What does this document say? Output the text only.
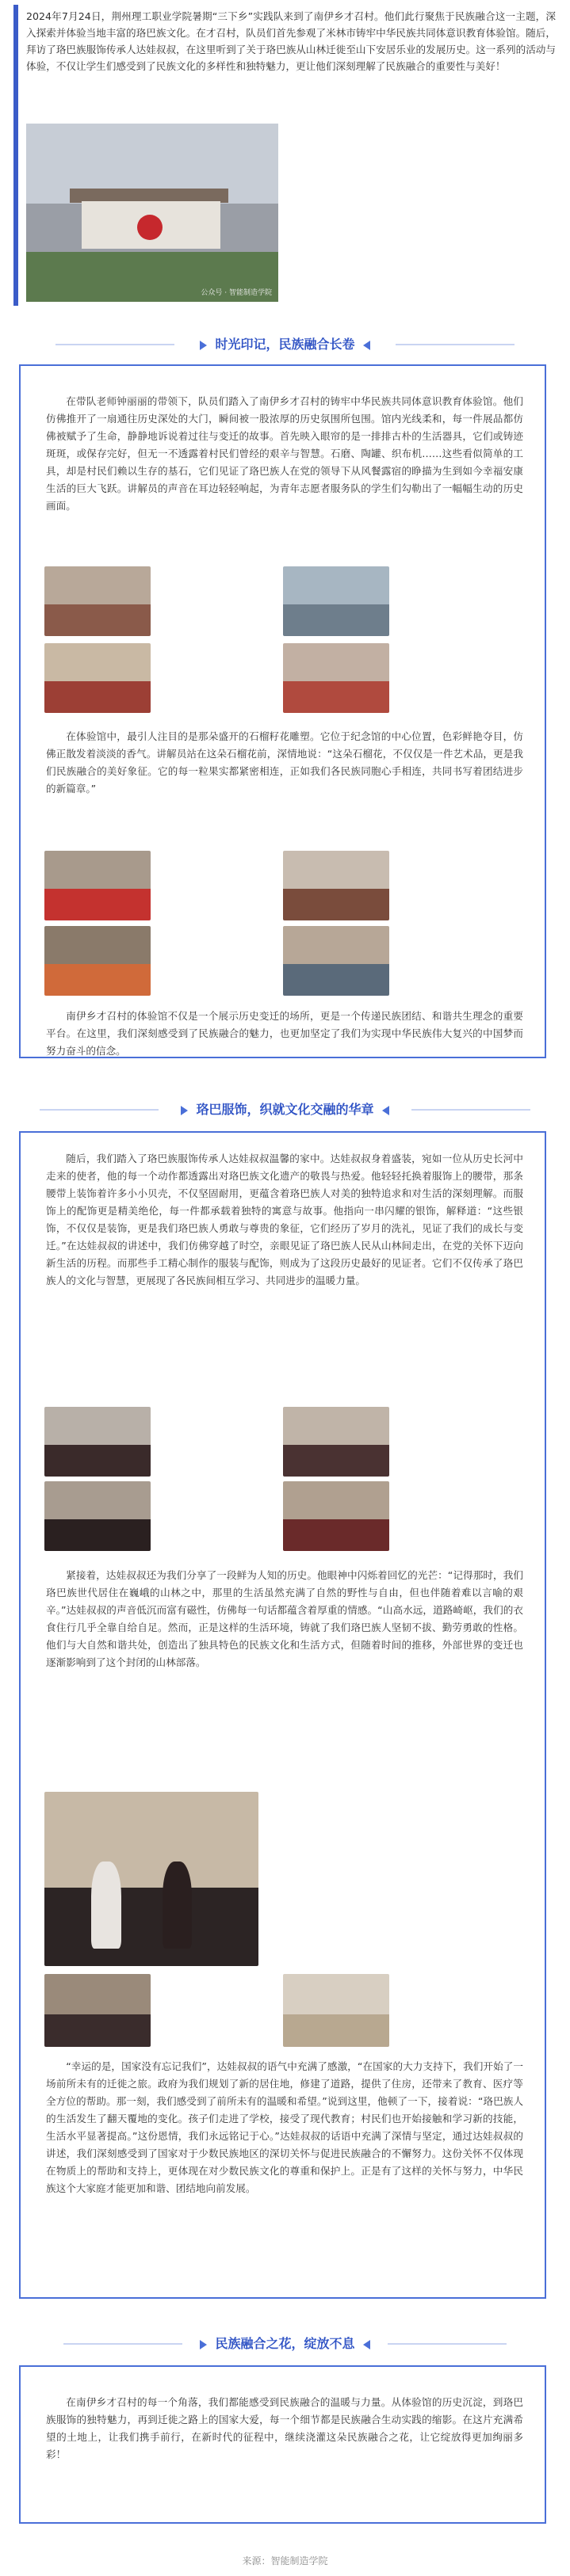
2024年7月24日，荆州理工职业学院暑期“三下乡”实践队来到了南伊乡才召村。他们此行聚焦于民族融合这一主题，深入探索并体验当地丰富的珞巴族文化。在才召村，队员们首先参观了米林市铸牢中华民族共同体意识教育体验馆。随后，拜访了珞巴族服饰传承人达娃叔叔，在这里听到了关于珞巴族从山林迁徙至山下安居乐业的发展历史。这一系列的活动与体验，不仅让学生们感受到了民族文化的多样性和独特魅力，更让他们深刻理解了民族融合的重要性与美好！

公众号 · 智能制造学院
时光印记，民族融合长卷

在带队老师钟丽丽的带领下，队员们踏入了南伊乡才召村的铸牢中华民族共同体意识教育体验馆。他们仿佛推开了一扇通往历史深处的大门，瞬间被一股浓厚的历史氛围所包围。馆内光线柔和，每一件展品都仿佛被赋予了生命，静静地诉说着过往与变迁的故事。首先映入眼帘的是一排排古朴的生活器具，它们或铸迹斑斑，或保存完好，但无一不透露着村民们曾经的艰辛与智慧。石磨、陶罐、织布机……这些看似简单的工具，却是村民们赖以生存的基石，它们见证了珞巴族人在党的领导下从风餐露宿的睁描为生到如今幸福安康生活的巨大飞跃。讲解员的声音在耳边轻轻响起，为青年志愿者服务队的学生们勾勒出了一幅幅生动的历史画面。

在体验馆中，最引人注目的是那朵盛开的石榴籽花雕塑。它位于纪念馆的中心位置，色彩鲜艳夺目，仿佛正散发着淡淡的香气。讲解员站在这朵石榴花前，深情地说：“这朵石榴花，不仅仅是一件艺术品，更是我们民族融合的美好象征。它的每一粒果实都紧密相连，正如我们各民族同胞心手相连，共同书写着团结进步的新篇章。”

南伊乡才召村的体验馆不仅是一个展示历史变迁的场所，更是一个传递民族团结、和谐共生理念的重要平台。在这里，我们深刻感受到了民族融合的魅力，也更加坚定了我们为实现中华民族伟大复兴的中国梦而努力奋斗的信念。

珞巴服饰，织就文化交融的华章

随后，我们踏入了珞巴族服饰传承人达娃叔叔温馨的家中。达娃叔叔身着盛装，宛如一位从历史长河中走来的使者，他的每一个动作都透露出对珞巴族文化遗产的敬畏与热爱。他轻轻托换着服饰上的腰带，那条腰带上装饰着许多小小贝壳，不仅坚固耐用，更蕴含着珞巴族人对美的独特追求和对生活的深刻理解。而服饰上的配饰更是精美绝伦，每一件都承载着独特的寓意与故事。他指向一串闪耀的银饰，解释道：“这些银饰，不仅仅是装饰，更是我们珞巴族人勇敢与尊贵的象征，它们经历了岁月的洗礼，见证了我们的成长与变迁。”在达娃叔叔的讲述中，我们仿佛穿越了时空，亲眼见证了珞巴族人民从山林间走出，在党的关怀下迈向新生活的历程。而那些手工精心制作的服装与配饰，则成为了这段历史最好的见证者。它们不仅传承了珞巴族人的文化与智慧，更展现了各民族间相互学习、共同进步的温暖力量。

紧接着，达娃叔叔还为我们分享了一段鲜为人知的历史。他眼神中闪烁着回忆的光芒：“记得那时，我们珞巴族世代居住在巍峨的山林之中，那里的生活虽然充满了自然的野性与自由，但也伴随着难以言喻的艰辛。”达娃叔叔的声音低沉而富有磁性，仿佛每一句话都蕴含着厚重的情感。“山高水远，道路崎岖，我们的衣食住行几乎全靠自给自足。然而，正是这样的生活环境，铸就了我们珞巴族人坚韧不拔、勤劳勇敢的性格。他们与大自然和谐共处，创造出了独具特色的民族文化和生活方式，但随着时间的推移，外部世界的变迁也逐渐影响到了这个封闭的山林部落。

“幸运的是，国家没有忘记我们”，达娃叔叔的语气中充满了感激，“在国家的大力支持下，我们开始了一场前所未有的迁徙之旅。政府为我们规划了新的居住地，修建了道路，提供了住房，还带来了教育、医疗等全方位的帮助。那一刻，我们感受到了前所未有的温暖和希望。”说到这里，他顿了一下，接着说：“珞巴族人的生活发生了翻天覆地的变化。孩子们走进了学校，接受了现代教育；村民们也开始接触和学习新的技能，生活水平显著提高。”这份恩情，我们永远铭记于心。”达娃叔叔的话语中充满了深情与坚定，通过达娃叔叔的讲述，我们深刻感受到了国家对于少数民族地区的深切关怀与促进民族融合的不懈努力。这份关怀不仅体现在物质上的帮助和支持上，更体现在对少数民族文化的尊重和保护上。正是有了这样的关怀与努力，中华民族这个大家庭才能更加和谐、团结地向前发展。

民族融合之花，绽放不息

在南伊乡才召村的每一个角落，我们都能感受到民族融合的温暖与力量。从体验馆的历史沉淀，到珞巴族服饰的独特魅力，再到迁徙之路上的国家大爱，每一个细节都是民族融合生动实践的缩影。在这片充满希望的土地上，让我们携手前行，在新时代的征程中，继续浇灌这朵民族融合之花，让它绽放得更加绚丽多彩！

来源：智能制造学院
